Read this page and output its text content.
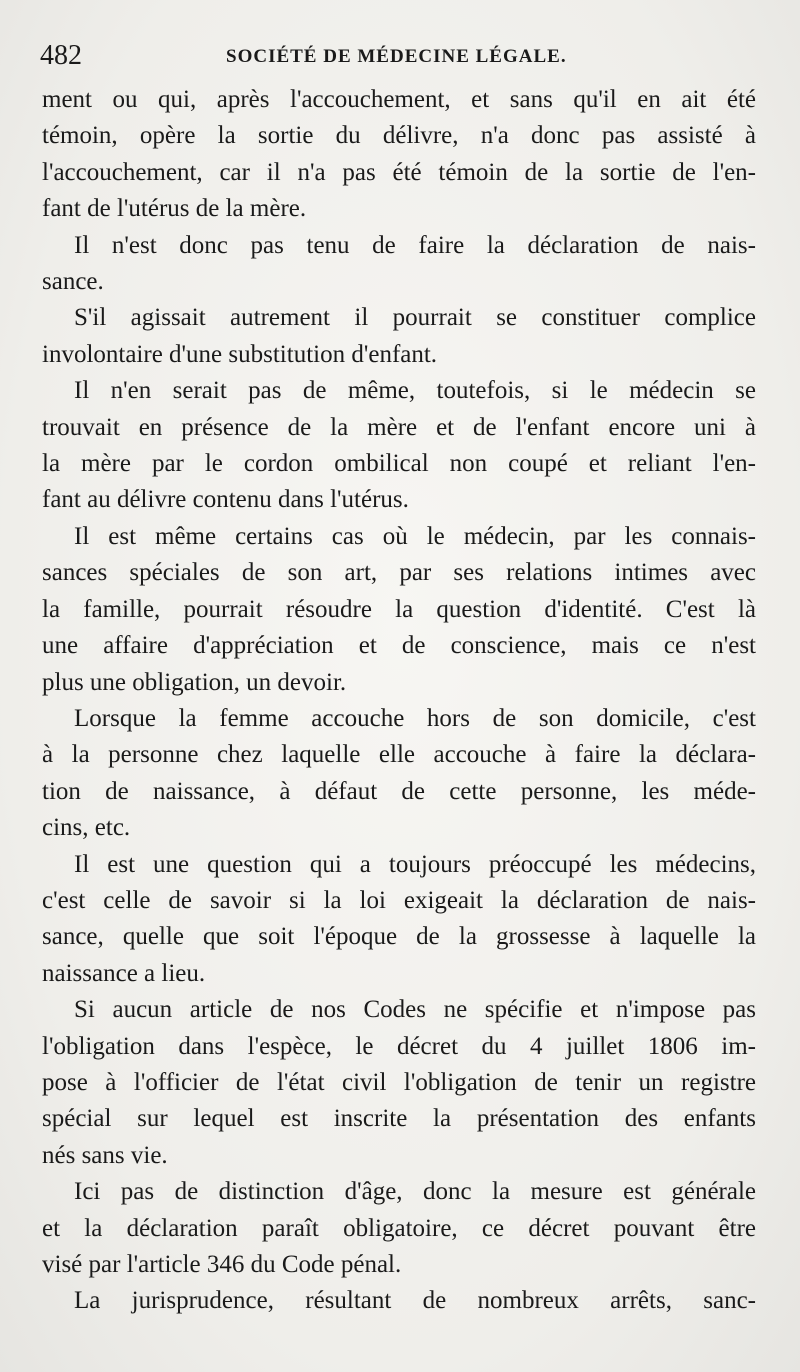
482	SOCIÉTÉ DE MÉDECINE LÉGALE.
ment ou qui, après l'accouchement, et sans qu'il en ait été
témoin, opère la sortie du délivre, n'a donc pas assisté à
l'accouchement, car il n'a pas été témoin de la sortie de l'en-
fant de l'utérus de la mère.
Il n'est donc pas tenu de faire la déclaration de nais-
sance.
S'il agissait autrement il pourrait se constituer complice
involontaire d'une substitution d'enfant.
Il n'en serait pas de même, toutefois, si le médecin se
trouvait en présence de la mère et de l'enfant encore uni à
la mère par le cordon ombilical non coupé et reliant l'en-
fant au délivre contenu dans l'utérus.
Il est même certains cas où le médecin, par les connais-
sances spéciales de son art, par ses relations intimes avec
la famille, pourrait résoudre la question d'identité. C'est là
une affaire d'appréciation et de conscience, mais ce n'est
plus une obligation, un devoir.
Lorsque la femme accouche hors de son domicile, c'est
à la personne chez laquelle elle accouche à faire la déclara-
tion de naissance, à défaut de cette personne, les méde-
cins, etc.
Il est une question qui a toujours préoccupé les médecins,
c'est celle de savoir si la loi exigeait la déclaration de nais-
sance, quelle que soit l'époque de la grossesse à laquelle la
naissance a lieu.
Si aucun article de nos Codes ne spécifie et n'impose pas
l'obligation dans l'espèce, le décret du 4 juillet 1806 im-
pose à l'officier de l'état civil l'obligation de tenir un registre
spécial sur lequel est inscrite la présentation des enfants
nés sans vie.
Ici pas de distinction d'âge, donc la mesure est générale
et la déclaration paraît obligatoire, ce décret pouvant être
visé par l'article 346 du Code pénal.
La jurisprudence, résultant de nombreux arrêts, sanc-
